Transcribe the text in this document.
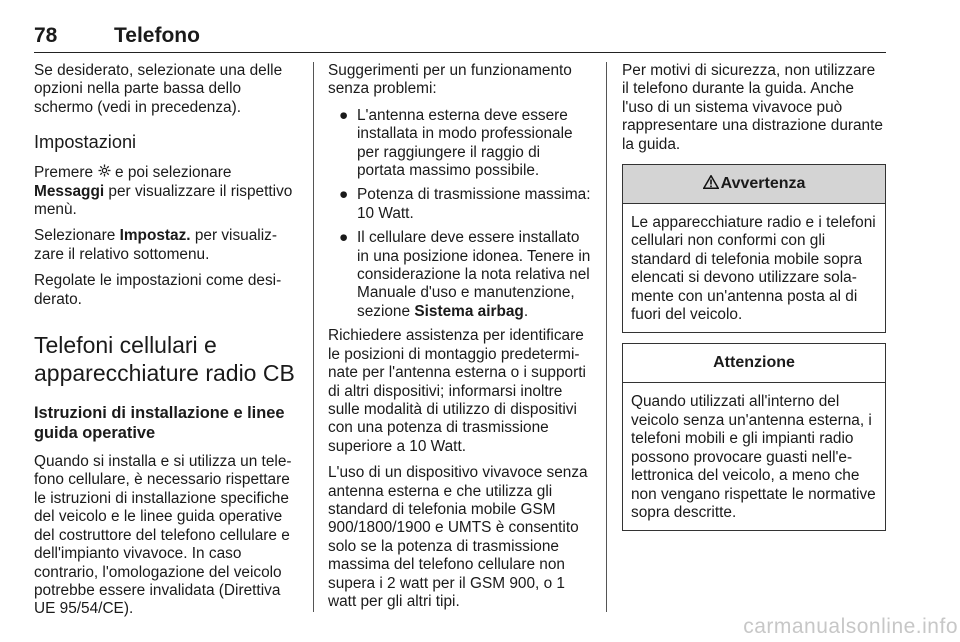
78	Telefono

Se desiderato, selezionate una delle opzioni nella parte bassa dello schermo (vedi in precedenza).

Impostazioni

Premere e poi selezionare
Messaggi per visualizzare il rispettivo menù.

Selezionare Impostaz. per visualizzare il relativo sottomenu.

Regolate le impostazioni come desiderato.

Telefoni cellulari e apparecchiature radio CB
Istruzioni di installazione e linee guida operative

Quando si installa e si utilizza un telefono cellulare, è necessario rispettare le istruzioni di installazione specifiche del veicolo e le linee guida operative del costruttore del telefono cellulare e dell'impianto vivavoce. In caso contrario, l'omologazione del veicolo potrebbe essere invalidata (Direttiva UE 95/54/CE).

Suggerimenti per un funzionamento senza problemi:

● L'antenna esterna deve essere installata in modo professionale per raggiungere il raggio di portata massimo possibile.
● Potenza di trasmissione massima: 10 Watt.
● Il cellulare deve essere installato in una posizione idonea. Tenere in considerazione la nota relativa nel Manuale d'uso e manutenzione, sezione Sistema airbag.

Richiedere assistenza per identificare le posizioni di montaggio predeterminate per l'antenna esterna o i supporti di altri dispositivi; informarsi inoltre sulle modalità di utilizzo di dispositivi con una potenza di trasmissione superiore a 10 Watt.

L'uso di un dispositivo vivavoce senza antenna esterna e che utilizza gli standard di telefonia mobile GSM 900/1800/1900 e UMTS è consentito solo se la potenza di trasmissione massima del telefono cellulare non supera i 2 watt per il GSM 900, o 1 watt per gli altri tipi.

Per motivi di sicurezza, non utilizzare il telefono durante la guida. Anche l'uso di un sistema vivavoce può rappresentare una distrazione durante la guida.

Avvertenza
Le apparecchiature radio e i telefoni cellulari non conformi con gli standard di telefonia mobile sopra elencati si devono utilizzare solamente con un'antenna posta al di fuori del veicolo.
Attenzione
Quando utilizzati all'interno del veicolo senza un'antenna esterna, i telefoni mobili e gli impianti radio possono provocare guasti nell'elettronica del veicolo, a meno che non vengano rispettate le normative sopra descritte.
carmanualsonline.info
